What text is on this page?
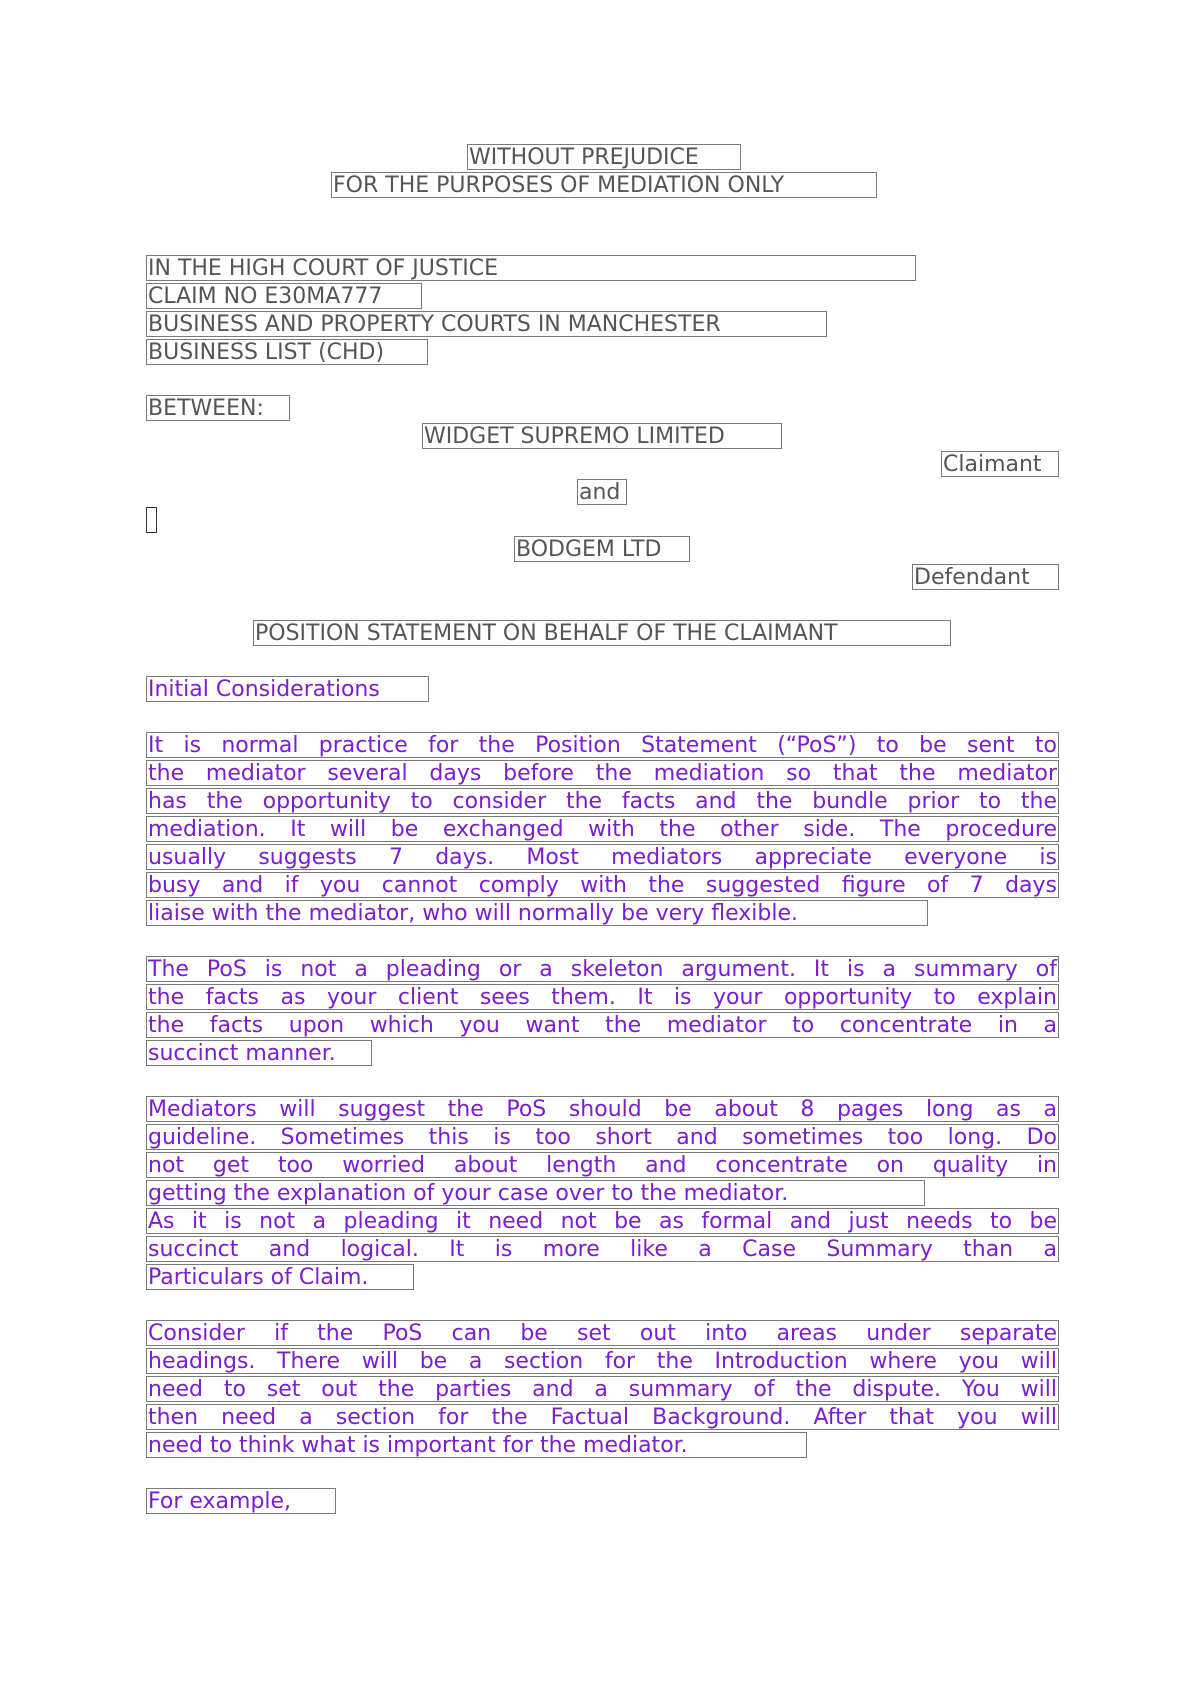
WITHOUT PREJUDICE
FOR THE PURPOSES OF MEDIATION ONLY
IN THE HIGH COURT OF JUSTICE
CLAIM NO E30MA777
BUSINESS AND PROPERTY COURTS IN MANCHESTER
BUSINESS LIST (CHD)
BETWEEN:
WIDGET SUPREMO LIMITED
Claimant
and
BODGEM LTD
Defendant
POSITION STATEMENT ON BEHALF OF THE CLAIMANT
Initial Considerations
It is normal practice for the Position Statement (“PoS”) to be sent to
the mediator several days before the mediation so that the mediator
has the opportunity to consider the facts and the bundle prior to the
mediation. It will be exchanged with the other side. The procedure
usually suggests 7 days. Most mediators appreciate everyone is
busy and if you cannot comply with the suggested figure of 7 days
liaise with the mediator, who will normally be very flexible.
The PoS is not a pleading or a skeleton argument. It is a summary of
the facts as your client sees them. It is your opportunity to explain
the facts upon which you want the mediator to concentrate in a
succinct manner.
Mediators will suggest the PoS should be about 8 pages long as a
guideline. Sometimes this is too short and sometimes too long. Do
not get too worried about length and concentrate on quality in
getting the explanation of your case over to the mediator.
As it is not a pleading it need not be as formal and just needs to be
succinct and logical. It is more like a Case Summary than a
Particulars of Claim.
Consider if the PoS can be set out into areas under separate
headings. There will be a section for the Introduction where you will
need to set out the parties and a summary of the dispute. You will
then need a section for the Factual Background. After that you will
need to think what is important for the mediator.
For example,
